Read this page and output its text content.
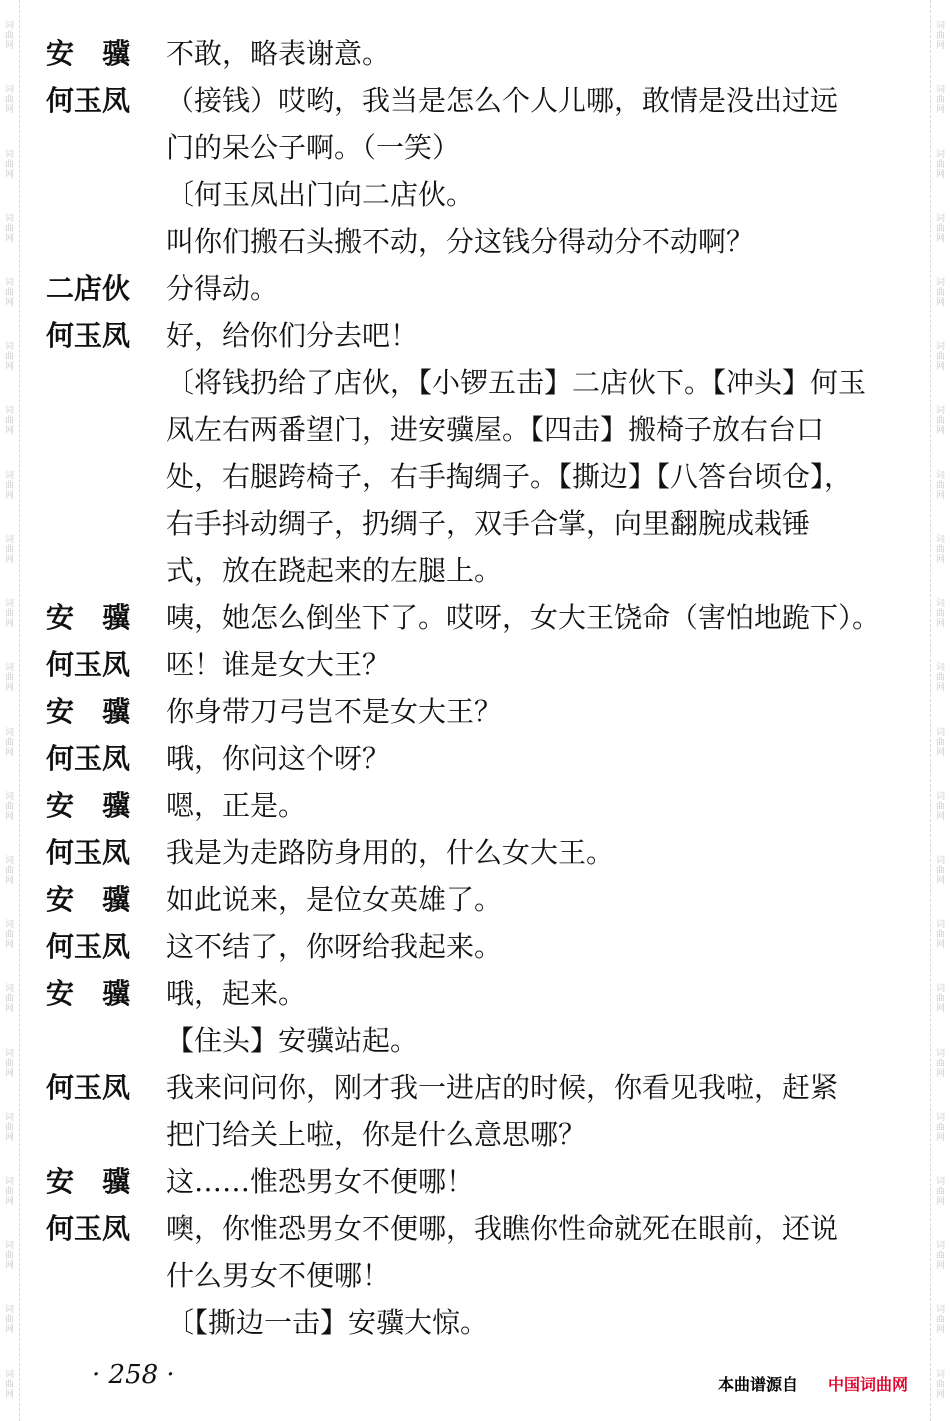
词
曲
网
词
曲
网
词
曲
网
词
曲
网
词
曲
网
词
曲
网
词
曲
网
词
曲
网
词
曲
网
词
曲
网
词
曲
网
词
曲
网
词
曲
网
词
曲
网
词
曲
网
词
曲
网
词
曲
网
词
曲
网
词
曲
网
词
曲
网
词
曲
网
词
曲
网
词
曲
网
词
曲
网
词
曲
网
词
曲
网
词
曲
网
词
曲
网
词
曲
网
词
曲
网
词
曲
网
词
曲
网
词
曲
网
词
曲
网
词
曲
网
词
曲
网
词
曲
网
词
曲
网
词
曲
网
词
曲
网
词
曲
网
词
曲
网
词
曲
网
词
曲
网
安　骥	不敢，略表谢意。
何玉凤	（接钱）哎哟，我当是怎么个人儿哪，敢情是没出过远
门的呆公子啊。（一笑）
〔何玉凤出门向二店伙。
叫你们搬石头搬不动，分这钱分得动分不动啊？
二店伙	分得动。
何玉凤	好，给你们分去吧！
〔将钱扔给了店伙，【小锣五击】二店伙下。【冲头】何玉
凤左右两番望门，进安骥屋。【四击】搬椅子放右台口
处，右腿跨椅子，右手掏绸子。【撕边】【八答台顷仓】，
右手抖动绸子，扔绸子，双手合掌，向里翻腕成栽锤
式，放在跷起来的左腿上。
安　骥	咦，她怎么倒坐下了。哎呀，女大王饶命（害怕地跪下）。
何玉凤	呸！谁是女大王？
安　骥	你身带刀弓岂不是女大王？
何玉凤	哦，你问这个呀？
安　骥	嗯，正是。
何玉凤	我是为走路防身用的，什么女大王。
安　骥	如此说来，是位女英雄了。
何玉凤	这不结了，你呀给我起来。
安　骥	哦，起来。
【住头】安骥站起。
何玉凤	我来问问你，刚才我一进店的时候，你看见我啦，赶紧
把门给关上啦，你是什么意思哪？
安　骥	这……惟恐男女不便哪！
何玉凤	噢，你惟恐男女不便哪，我瞧你性命就死在眼前，还说
什么男女不便哪！
〔【撕边一击】安骥大惊。
· 258 ·	本曲谱源自 中国词曲网
